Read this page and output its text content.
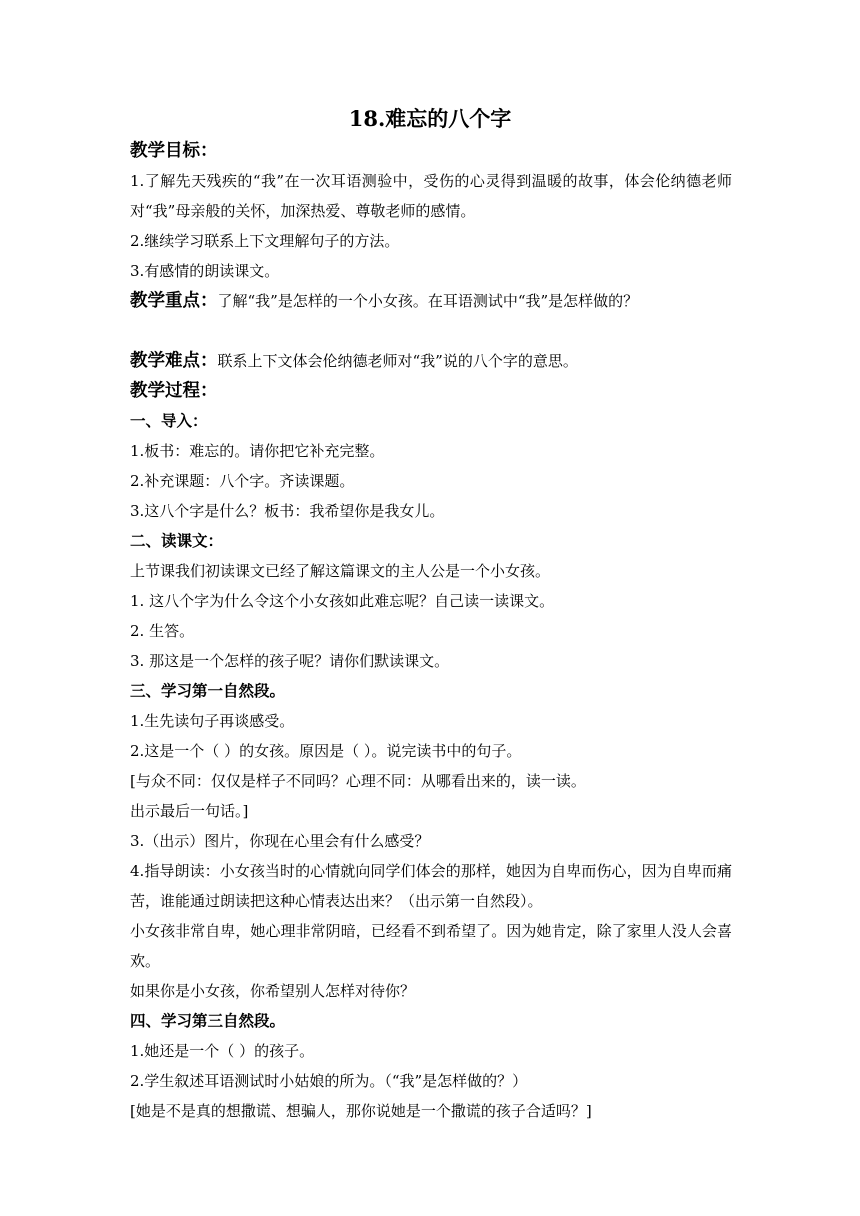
18.难忘的八个字
教学目标：
1.了解先天残疾的“我”在一次耳语测验中，受伤的心灵得到温暖的故事，体会伦纳德老师对“我”母亲般的关怀，加深热爱、尊敬老师的感情。
2.继续学习联系上下文理解句子的方法。
3.有感情的朗读课文。
教学重点：了解“我”是怎样的一个小女孩。在耳语测试中“我”是怎样做的？
教学难点：联系上下文体会伦纳德老师对“我”说的八个字的意思。
教学过程：
一、导入：
1.板书：难忘的。请你把它补充完整。
2.补充课题：八个字。齐读课题。
3.这八个字是什么？板书：我希望你是我女儿。
二、读课文：
上节课我们初读课文已经了解这篇课文的主人公是一个小女孩。
1. 这八个字为什么令这个小女孩如此难忘呢？自己读一读课文。
2. 生答。
3. 那这是一个怎样的孩子呢？请你们默读课文。
三、学习第一自然段。
1.生先读句子再谈感受。
2.这是一个（ ）的女孩。原因是（ ）。说完读书中的句子。
[与众不同：仅仅是样子不同吗？心理不同：从哪看出来的，读一读。
出示最后一句话。]
3.（出示）图片，你现在心里会有什么感受？
4.指导朗读：小女孩当时的心情就向同学们体会的那样，她因为自卑而伤心，因为自卑而痛苦，谁能通过朗读把这种心情表达出来？（出示第一自然段）。
小女孩非常自卑，她心理非常阴暗，已经看不到希望了。因为她肯定，除了家里人没人会喜欢。
如果你是小女孩，你希望别人怎样对待你？
四、学习第三自然段。
1.她还是一个（ ）的孩子。
2.学生叙述耳语测试时小姑娘的所为。（“我”是怎样做的？）
[她是不是真的想撒谎、想骗人，那你说她是一个撒谎的孩子合适吗？]
